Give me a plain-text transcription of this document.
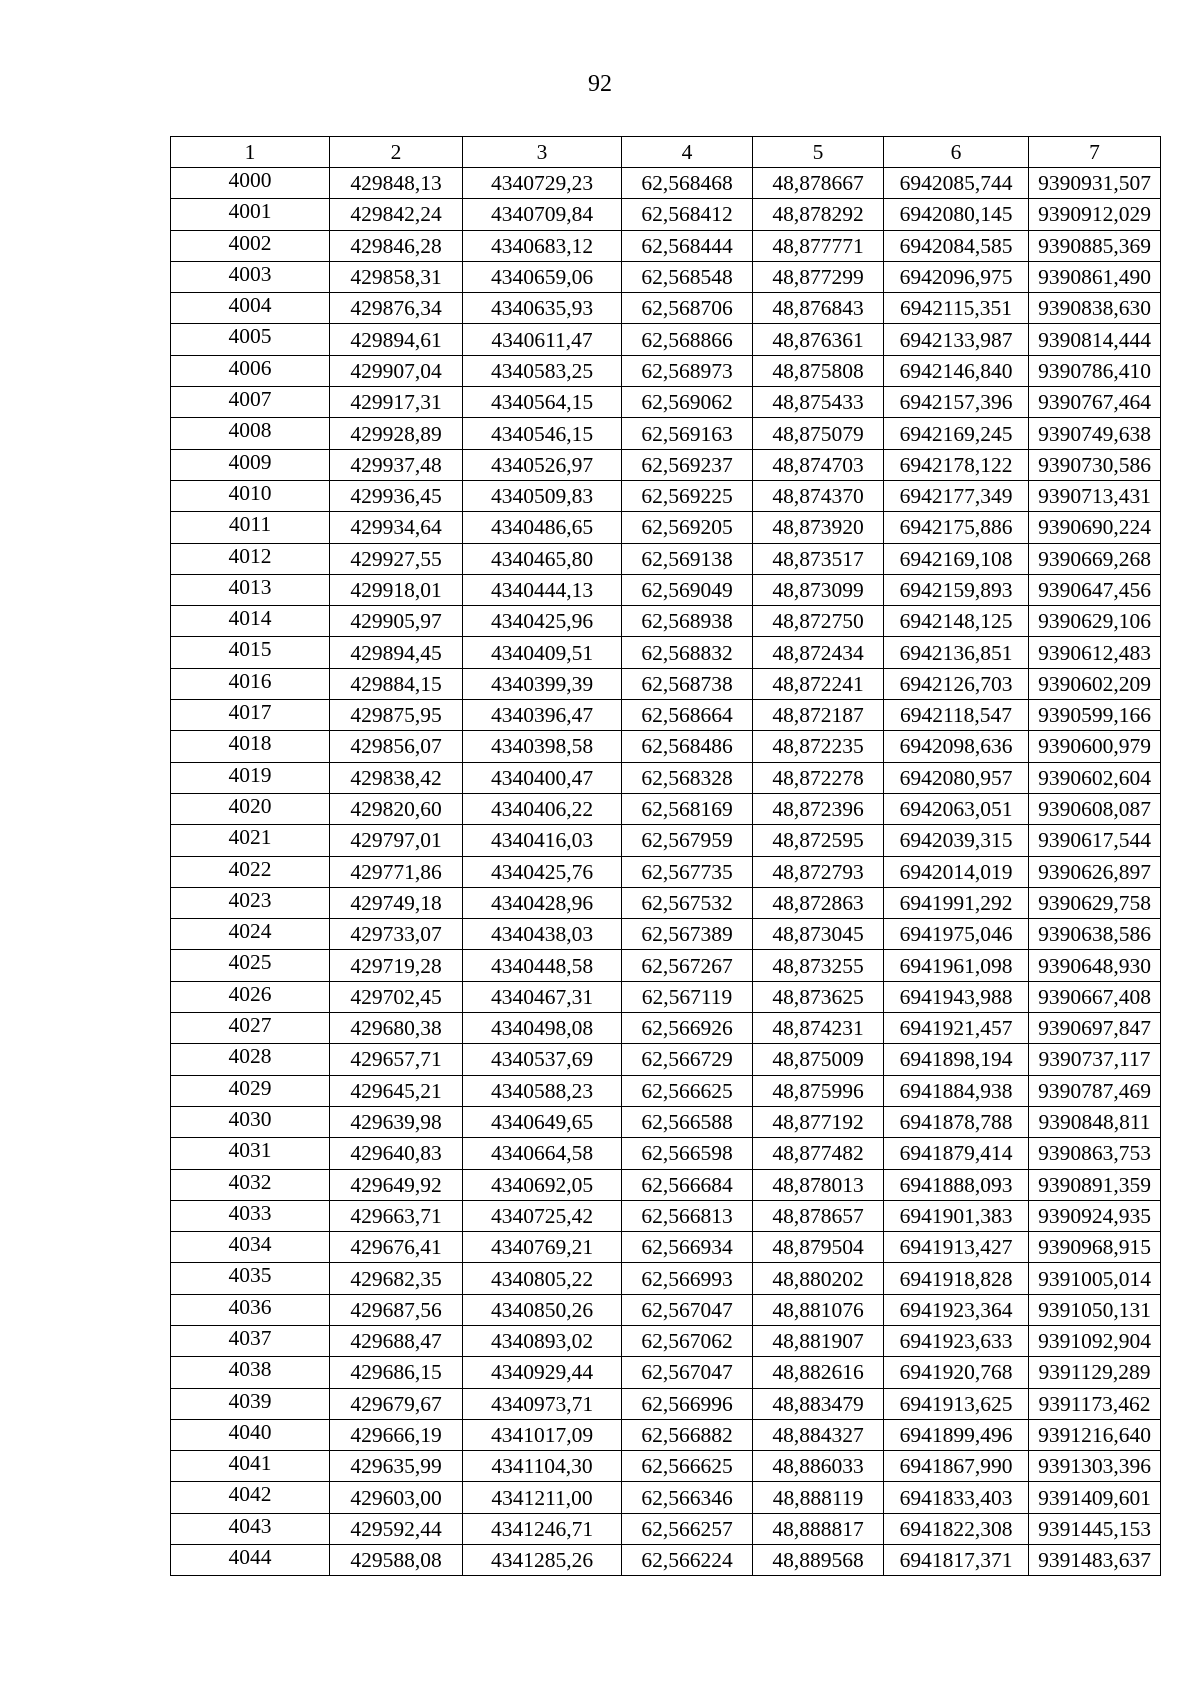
92
1	2	3	4	5	6	7
4000	429848,13	4340729,23	62,568468	48,878667	6942085,744	9390931,507
4001	429842,24	4340709,84	62,568412	48,878292	6942080,145	9390912,029
4002	429846,28	4340683,12	62,568444	48,877771	6942084,585	9390885,369
4003	429858,31	4340659,06	62,568548	48,877299	6942096,975	9390861,490
4004	429876,34	4340635,93	62,568706	48,876843	6942115,351	9390838,630
4005	429894,61	4340611,47	62,568866	48,876361	6942133,987	9390814,444
4006	429907,04	4340583,25	62,568973	48,875808	6942146,840	9390786,410
4007	429917,31	4340564,15	62,569062	48,875433	6942157,396	9390767,464
4008	429928,89	4340546,15	62,569163	48,875079	6942169,245	9390749,638
4009	429937,48	4340526,97	62,569237	48,874703	6942178,122	9390730,586
4010	429936,45	4340509,83	62,569225	48,874370	6942177,349	9390713,431
4011	429934,64	4340486,65	62,569205	48,873920	6942175,886	9390690,224
4012	429927,55	4340465,80	62,569138	48,873517	6942169,108	9390669,268
4013	429918,01	4340444,13	62,569049	48,873099	6942159,893	9390647,456
4014	429905,97	4340425,96	62,568938	48,872750	6942148,125	9390629,106
4015	429894,45	4340409,51	62,568832	48,872434	6942136,851	9390612,483
4016	429884,15	4340399,39	62,568738	48,872241	6942126,703	9390602,209
4017	429875,95	4340396,47	62,568664	48,872187	6942118,547	9390599,166
4018	429856,07	4340398,58	62,568486	48,872235	6942098,636	9390600,979
4019	429838,42	4340400,47	62,568328	48,872278	6942080,957	9390602,604
4020	429820,60	4340406,22	62,568169	48,872396	6942063,051	9390608,087
4021	429797,01	4340416,03	62,567959	48,872595	6942039,315	9390617,544
4022	429771,86	4340425,76	62,567735	48,872793	6942014,019	9390626,897
4023	429749,18	4340428,96	62,567532	48,872863	6941991,292	9390629,758
4024	429733,07	4340438,03	62,567389	48,873045	6941975,046	9390638,586
4025	429719,28	4340448,58	62,567267	48,873255	6941961,098	9390648,930
4026	429702,45	4340467,31	62,567119	48,873625	6941943,988	9390667,408
4027	429680,38	4340498,08	62,566926	48,874231	6941921,457	9390697,847
4028	429657,71	4340537,69	62,566729	48,875009	6941898,194	9390737,117
4029	429645,21	4340588,23	62,566625	48,875996	6941884,938	9390787,469
4030	429639,98	4340649,65	62,566588	48,877192	6941878,788	9390848,811
4031	429640,83	4340664,58	62,566598	48,877482	6941879,414	9390863,753
4032	429649,92	4340692,05	62,566684	48,878013	6941888,093	9390891,359
4033	429663,71	4340725,42	62,566813	48,878657	6941901,383	9390924,935
4034	429676,41	4340769,21	62,566934	48,879504	6941913,427	9390968,915
4035	429682,35	4340805,22	62,566993	48,880202	6941918,828	9391005,014
4036	429687,56	4340850,26	62,567047	48,881076	6941923,364	9391050,131
4037	429688,47	4340893,02	62,567062	48,881907	6941923,633	9391092,904
4038	429686,15	4340929,44	62,567047	48,882616	6941920,768	9391129,289
4039	429679,67	4340973,71	62,566996	48,883479	6941913,625	9391173,462
4040	429666,19	4341017,09	62,566882	48,884327	6941899,496	9391216,640
4041	429635,99	4341104,30	62,566625	48,886033	6941867,990	9391303,396
4042	429603,00	4341211,00	62,566346	48,888119	6941833,403	9391409,601
4043	429592,44	4341246,71	62,566257	48,888817	6941822,308	9391445,153
4044	429588,08	4341285,26	62,566224	48,889568	6941817,371	9391483,637
